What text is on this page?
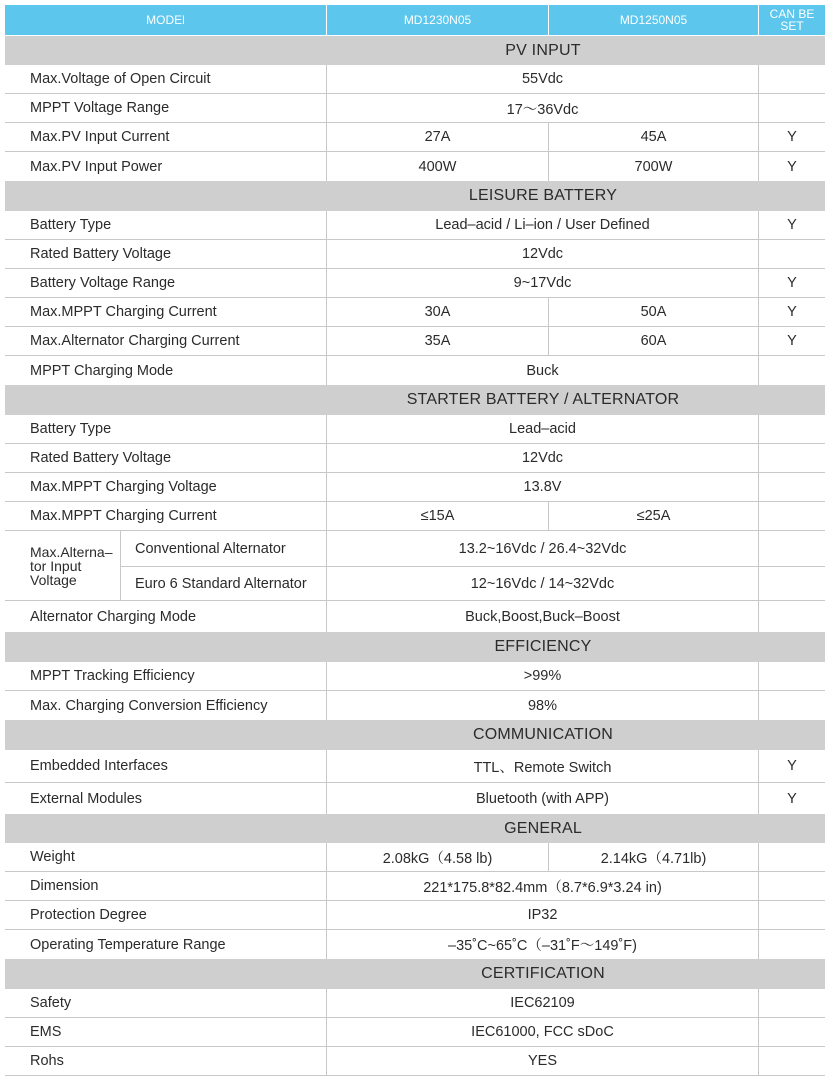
MODEl	MD1230N05	MD1250N05	CAN BE
SET
PV INPUT
Max.Voltage of Open Circuit	55Vdc
MPPT Voltage Range	17～36Vdc
Max.PV Input Current	27A	45A	Y
Max.PV Input Power	400W	700W	Y
LEISURE BATTERY
Battery Type	Lead–acid / Li–ion / User Defined	Y
Rated Battery Voltage	12Vdc
Battery Voltage Range	9~17Vdc	Y
Max.MPPT Charging Current	30A	50A	Y
Max.Alternator Charging Current	35A	60A	Y
MPPT Charging Mode	Buck
STARTER BATTERY / ALTERNATOR
Battery Type	Lead–acid
Rated Battery Voltage	12Vdc
Max.MPPT Charging Voltage	13.8V
Max.MPPT Charging Current	≤15A	≤25A
Max.Alterna–
tor Input
Voltage
Conventional Alternator	13.2~16Vdc / 26.4~32Vdc
Euro 6 Standard Alternator	12~16Vdc / 14~32Vdc
Alternator Charging Mode	Buck,Boost,Buck–Boost
EFFICIENCY
MPPT Tracking Efficiency	>99%
Max. Charging Conversion Efficiency	98%
COMMUNICATION
Embedded Interfaces	TTL、Remote Switch	Y
External Modules	Bluetooth (with APP)	Y
GENERAL
Weight	2.08kG（4.58 lb)	2.14kG（4.71lb)
Dimension	221*175.8*82.4mm（8.7*6.9*3.24 in)
Protection Degree	IP32
Operating Temperature Range	–35˚C~65˚C（–31˚F～149˚F)
CERTIFICATION
Safety	IEC62109
EMS	IEC61000, FCC sDoC
Rohs	YES
